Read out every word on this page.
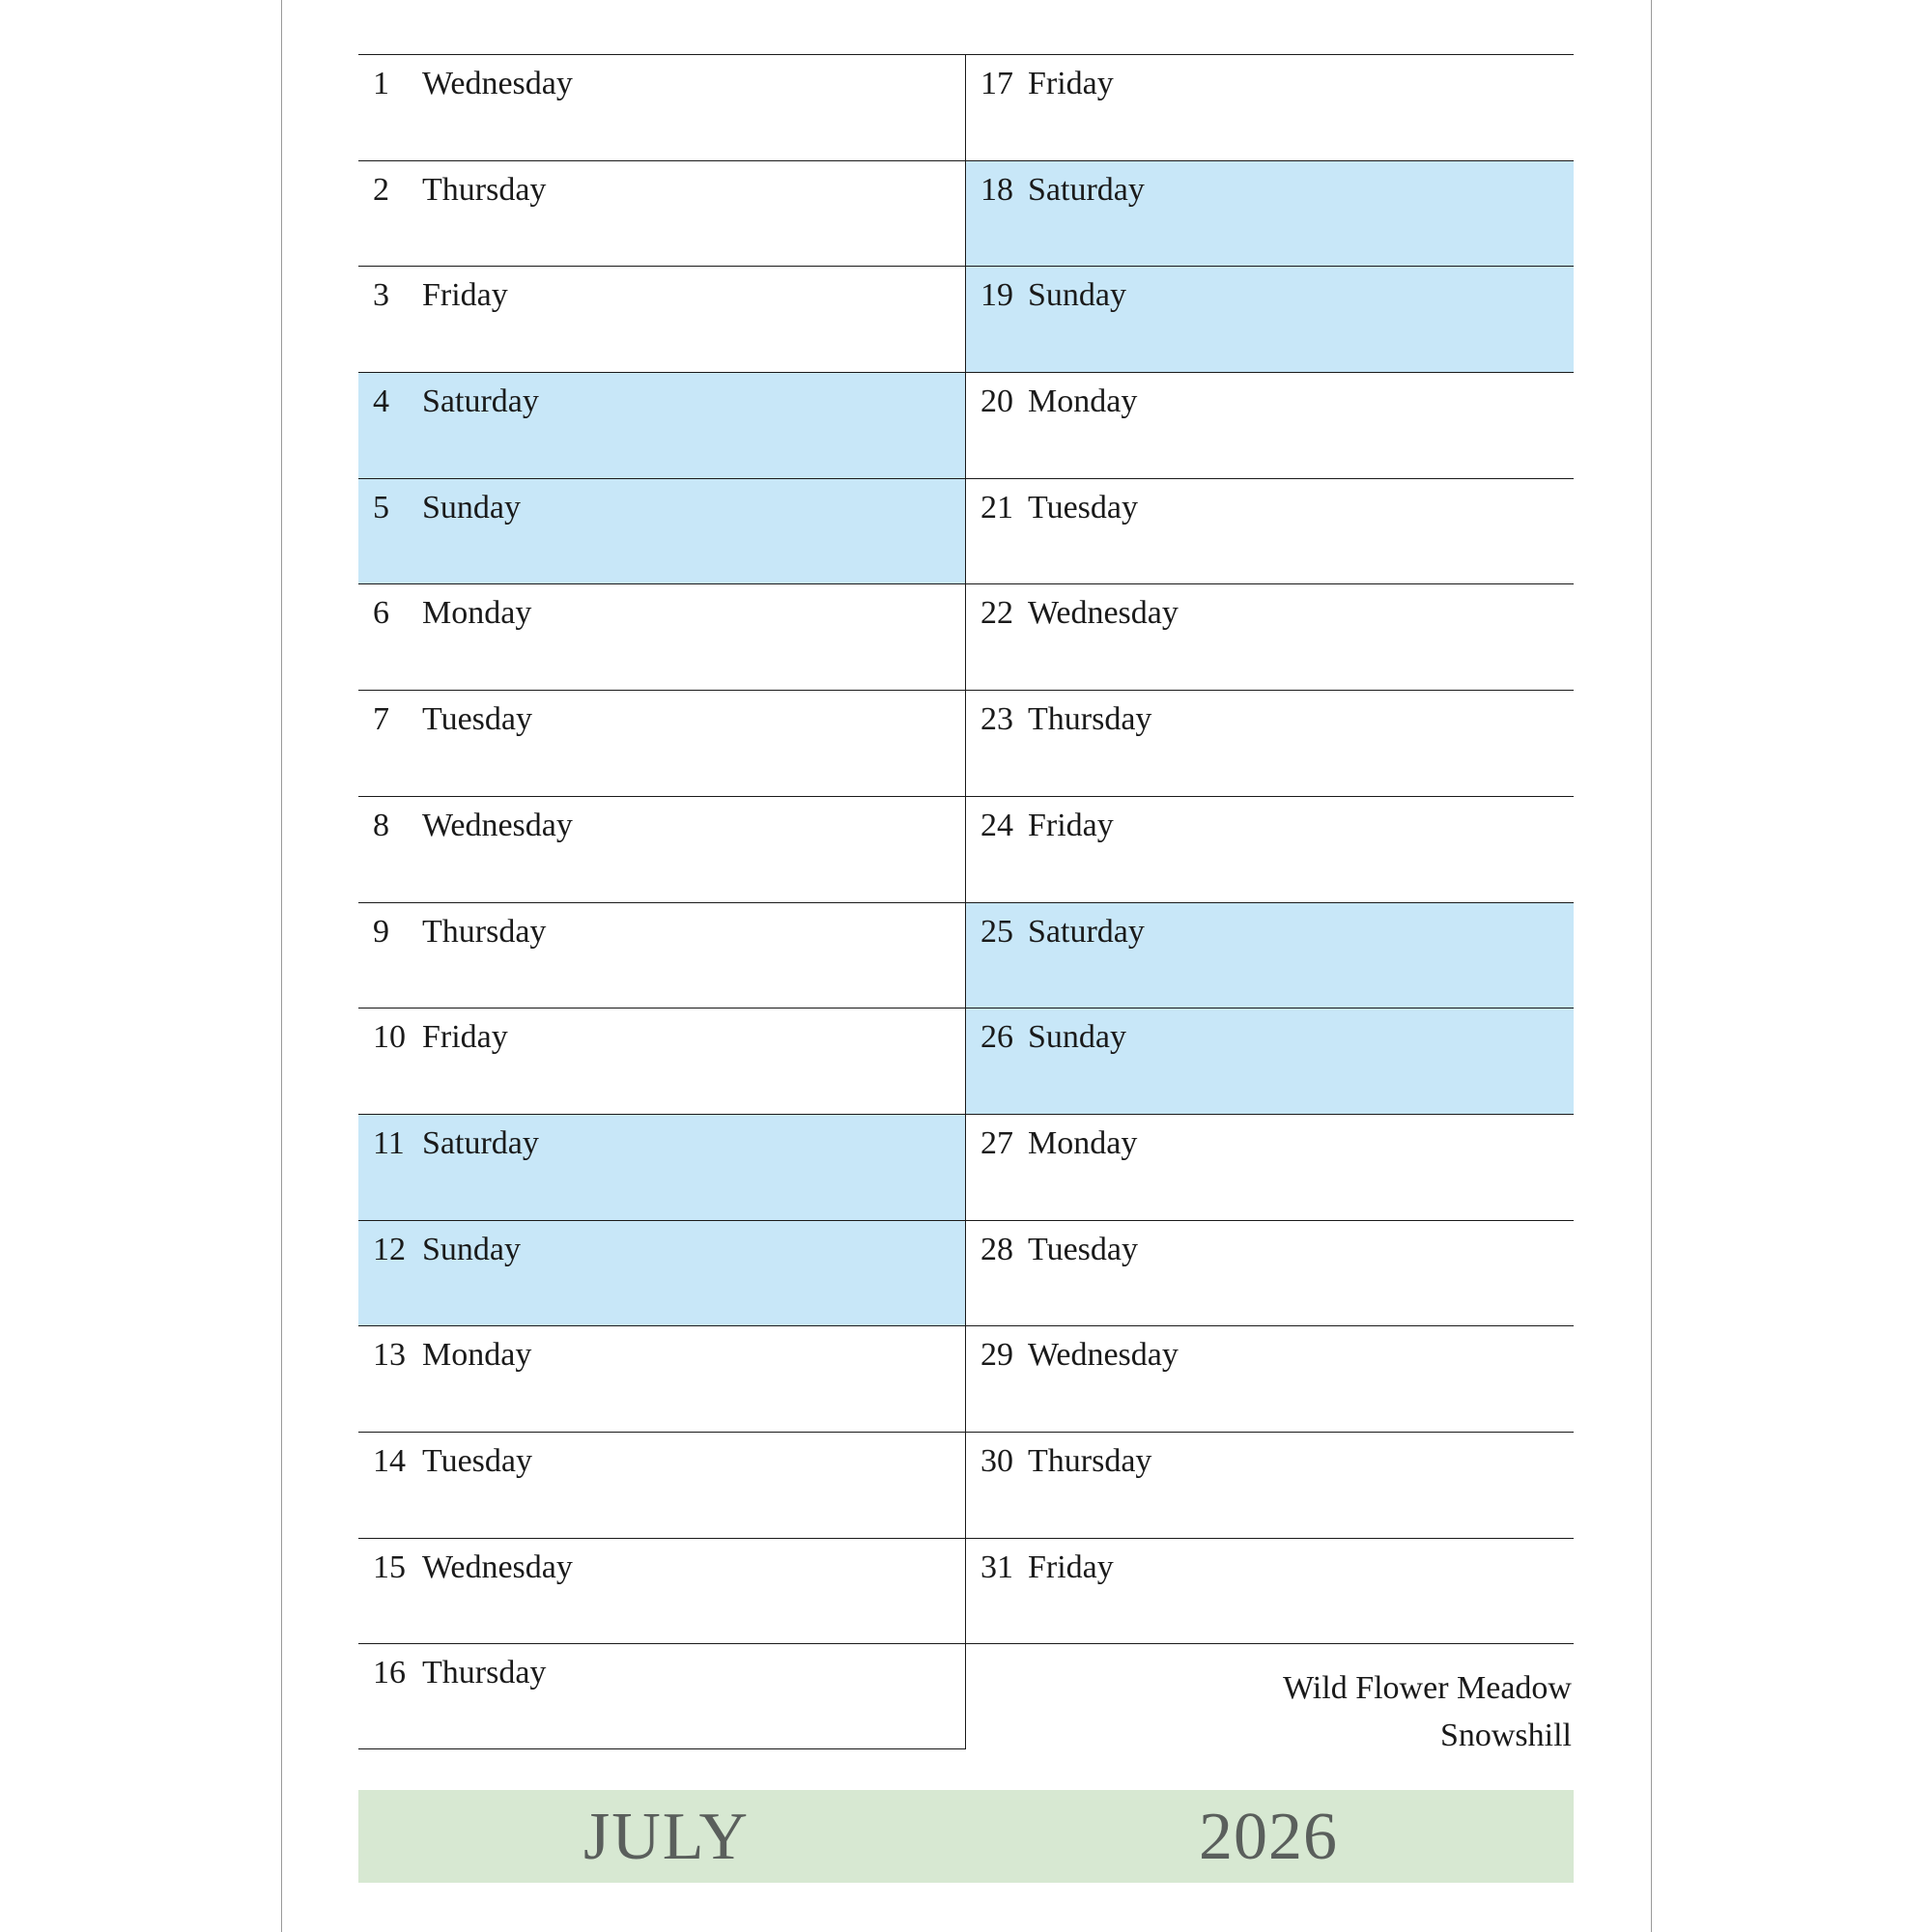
1 Wednesday
2 Thursday
3 Friday
4 Saturday
5 Sunday
6 Monday
7 Tuesday
8 Wednesday
9 Thursday
10 Friday
11 Saturday
12 Sunday
13 Monday
14 Tuesday
15 Wednesday
16 Thursday
17 Friday
18 Saturday
19 Sunday
20 Monday
21 Tuesday
22 Wednesday
23 Thursday
24 Friday
25 Saturday
26 Sunday
27 Monday
28 Tuesday
29 Wednesday
30 Thursday
31 Friday
Wild Flower Meadow
Snowshill
JULY	2026
